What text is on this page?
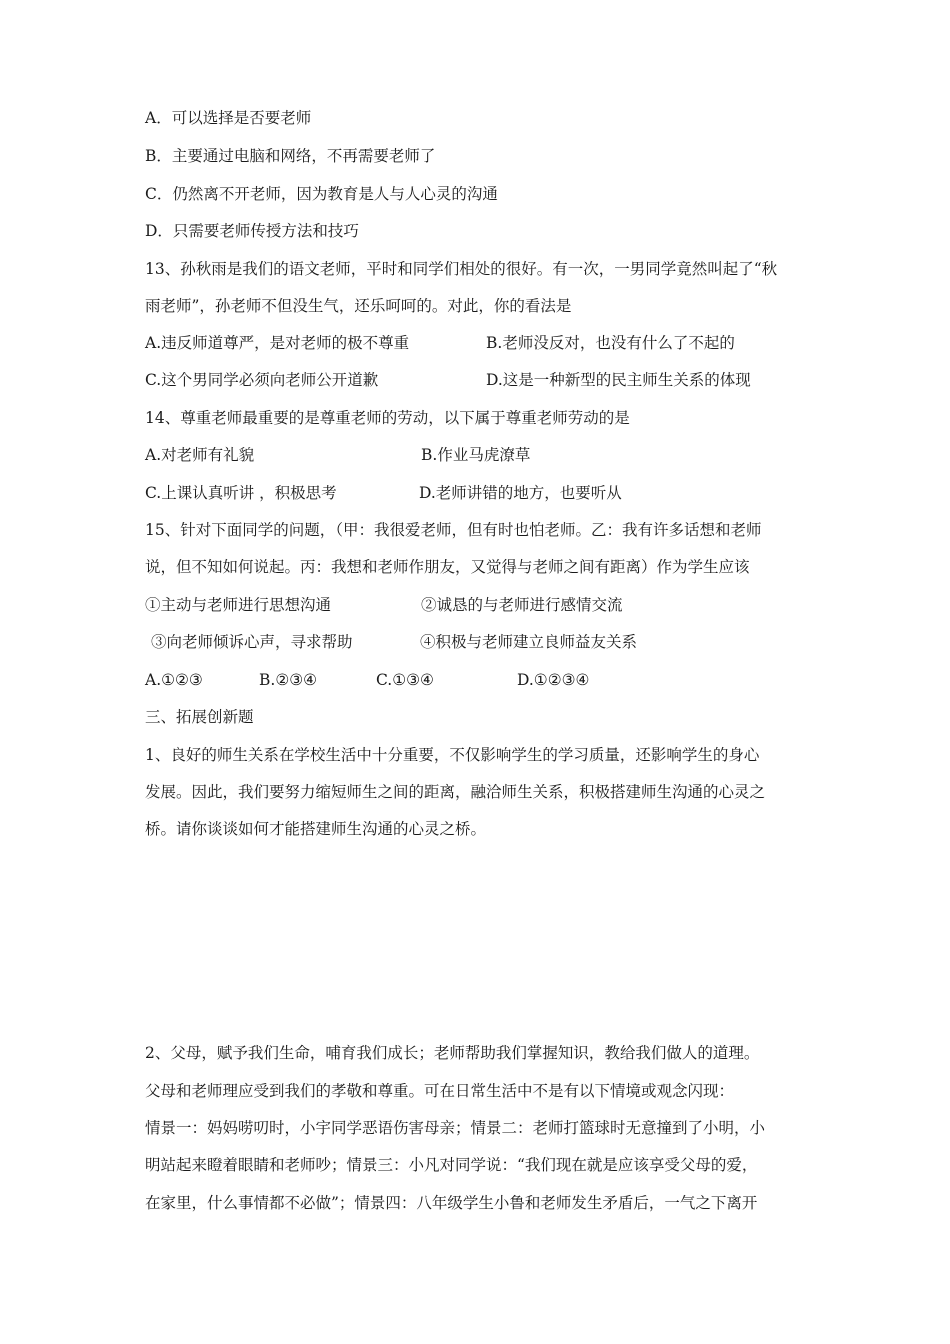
A．可以选择是否要老师
B．主要通过电脑和网络，不再需要老师了
C．仍然离不开老师，因为教育是人与人心灵的沟通
D．只需要老师传授方法和技巧
13、孙秋雨是我们的语文老师，平时和同学们相处的很好。有一次，一男同学竟然叫起了“秋
雨老师”，孙老师不但没生气，还乐呵呵的。对此，你的看法是
A.违反师道尊严，是对老师的极不尊重	B.老师没反对，也没有什么了不起的
C.这个男同学必须向老师公开道歉	D.这是一种新型的民主师生关系的体现
14、尊重老师最重要的是尊重老师的劳动，以下属于尊重老师劳动的是
A.对老师有礼貌	B.作业马虎潦草
C.上课认真听讲 ，积极思考	D.老师讲错的地方，也要听从
15、针对下面同学的问题，（甲：我很爱老师，但有时也怕老师。乙：我有许多话想和老师
说，但不知如何说起。丙：我想和老师作朋友，又觉得与老师之间有距离）作为学生应该
①主动与老师进行思想沟通	②诚恳的与老师进行感情交流
③向老师倾诉心声，寻求帮助	④积极与老师建立良师益友关系
A.①②③	B.②③④	C.①③④	D.①②③④
三、拓展创新题
1、良好的师生关系在学校生活中十分重要，不仅影响学生的学习质量，还影响学生的身心
发展。因此，我们要努力缩短师生之间的距离，融洽师生关系，积极搭建师生沟通的心灵之
桥。请你谈谈如何才能搭建师生沟通的心灵之桥。
2、父母，赋予我们生命，哺育我们成长；老师帮助我们掌握知识，教给我们做人的道理。
父母和老师理应受到我们的孝敬和尊重。可在日常生活中不是有以下情境或观念闪现：
情景一：妈妈唠叨时，小宇同学恶语伤害母亲；情景二：老师打篮球时无意撞到了小明，小
明站起来瞪着眼睛和老师吵；情景三：小凡对同学说：“我们现在就是应该享受父母的爱，
在家里，什么事情都不必做”；情景四：八年级学生小鲁和老师发生矛盾后，一气之下离开
